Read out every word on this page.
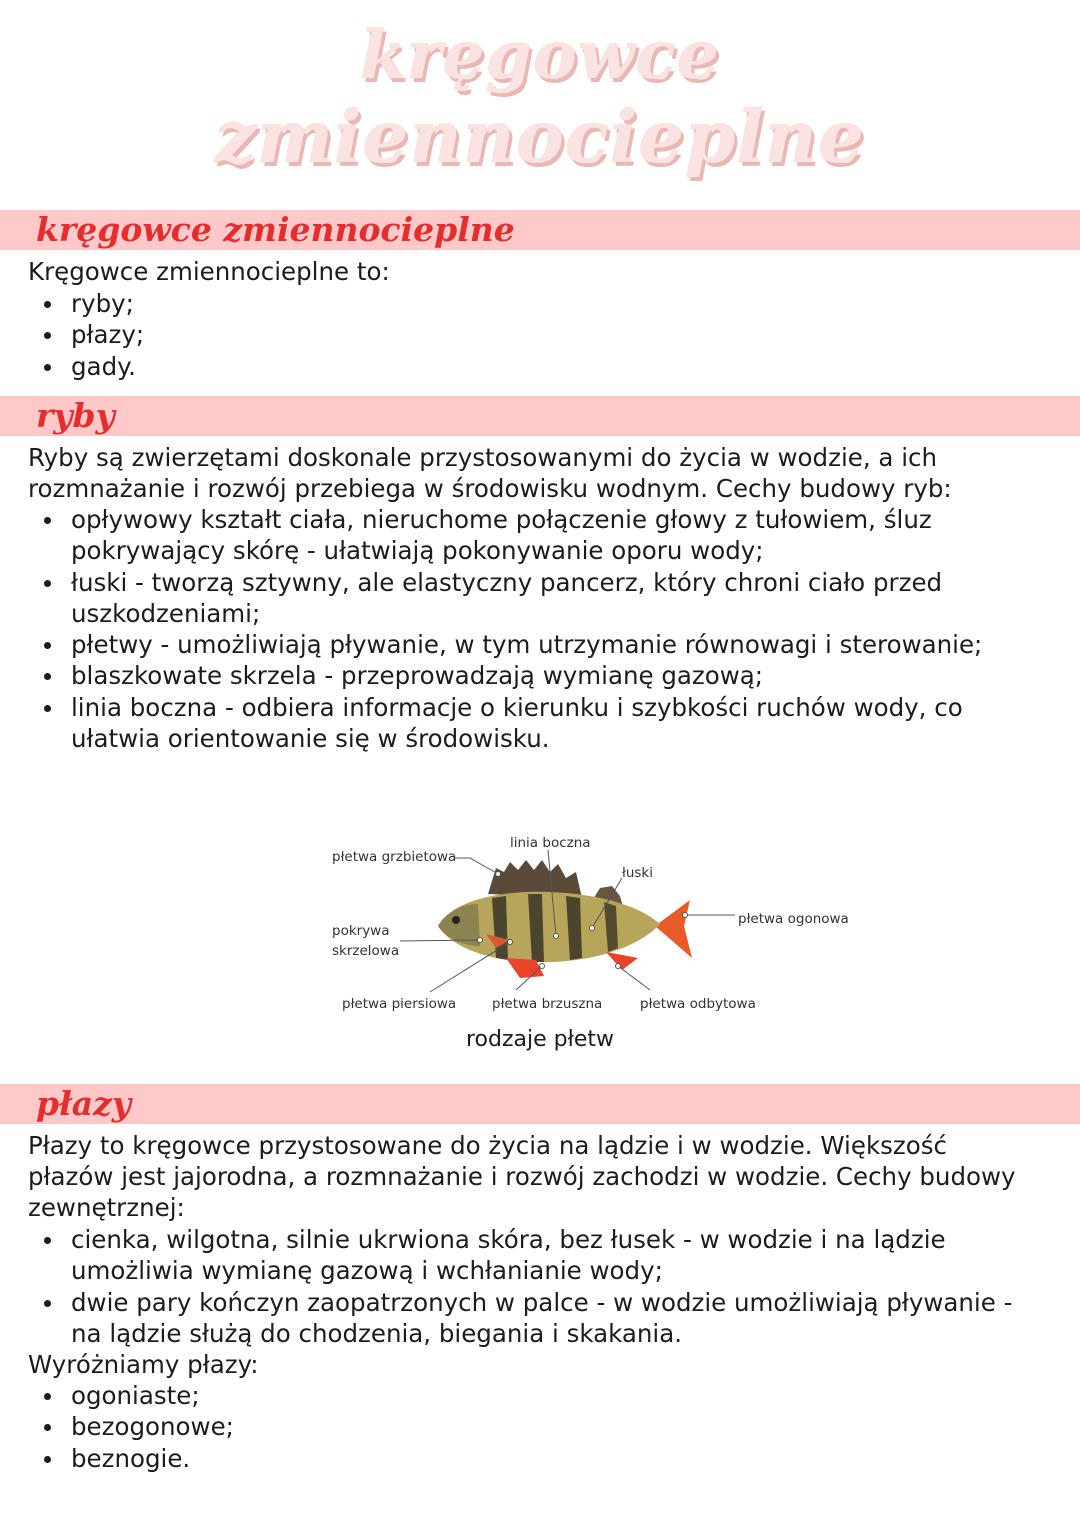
kręgowce
zmiennocieplne
kręgowce zmiennocieplne

Kręgowce zmiennocieplne to:

ryby;
płazy;
gady.
ryby

Ryby są zwierzętami doskonale przystosowanymi do życia w wodzie, a ich rozmnażanie i rozwój przebiega w środowisku wodnym. Cechy budowy ryb:

opływowy kształt ciała, nieruchome połączenie głowy z tułowiem, śluz pokrywający skórę - ułatwiają pokonywanie oporu wody;
łuski - tworzą sztywny, ale elastyczny pancerz, który chroni ciało przed uszkodzeniami;
płetwy - umożliwiają pływanie, w tym utrzymanie równowagi i sterowanie;
blaszkowate skrzela - przeprowadzają wymianę gazową;
linia boczna - odbiera informacje o kierunku i szybkości ruchów wody, co ułatwia orientowanie się w środowisku.
płetwa grzbietowa
linia boczna
łuski
płetwa ogonowa
pokrywa
skrzelowa
płetwa piersiowa	płetwa brzuszna	płetwa odbytowa
rodzaje płetw
płazy

Płazy to kręgowce przystosowane do życia na lądzie i w wodzie. Większość płazów jest jajorodna, a rozmnażanie i rozwój zachodzi w wodzie. Cechy budowy zewnętrznej:

cienka, wilgotna, silnie ukrwiona skóra, bez łusek - w wodzie i na lądzie umożliwia wymianę gazową i wchłanianie wody;
dwie pary kończyn zaopatrzonych w palce - w wodzie umożliwiają pływanie - na lądzie służą do chodzenia, biegania i skakania.

Wyróżniamy płazy:

ogoniaste;
bezogonowe;
beznogie.
